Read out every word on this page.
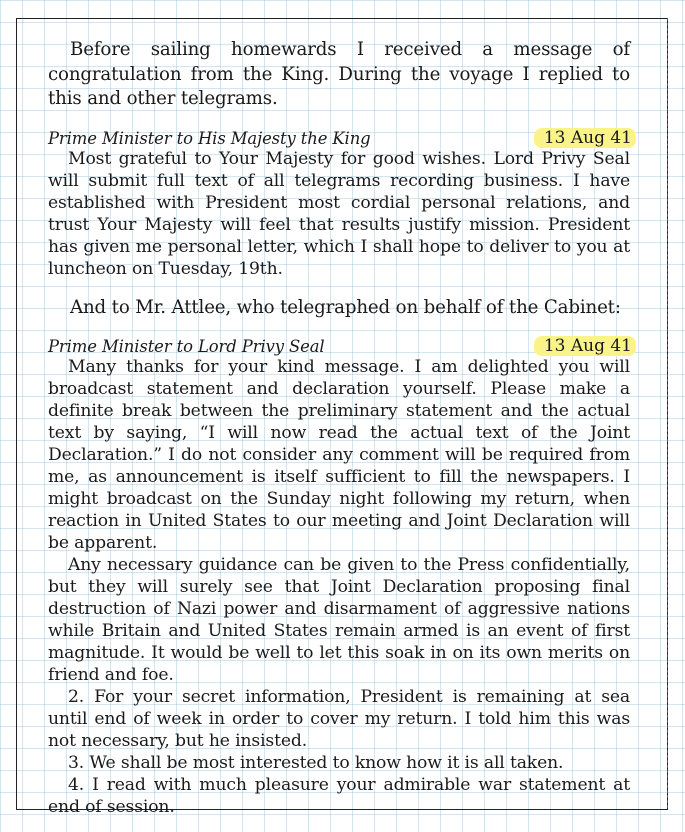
Before sailing homewards I received a message of congratulation from the King. During the voyage I replied to this and other telegrams.

Prime Minister to His Majesty the King	13 Aug 41

Most grateful to Your Majesty for good wishes. Lord Privy Seal will submit full text of all telegrams recording business. I have established with President most cordial personal relations, and trust Your Majesty will feel that results justify mission. President has given me personal letter, which I shall hope to deliver to you at luncheon on Tuesday, 19th.

And to Mr. Attlee, who telegraphed on behalf of the Cabinet:

Prime Minister to Lord Privy Seal	13 Aug 41

Many thanks for your kind message. I am delighted you will broadcast statement and declaration yourself. Please make a definite break between the preliminary statement and the actual text by saying, “I will now read the actual text of the Joint Declaration.” I do not consider any comment will be required from me, as announcement is itself sufficient to fill the newspapers. I might broadcast on the Sunday night following my return, when reaction in United States to our meeting and Joint Declaration will be apparent.

Any necessary guidance can be given to the Press confidentially, but they will surely see that Joint Declaration proposing final destruction of Nazi power and disarmament of aggressive nations while Britain and United States remain armed is an event of first magnitude. It would be well to let this soak in on its own merits on friend and foe.

2. For your secret information, President is remaining at sea until end of week in order to cover my return. I told him this was not necessary, but he insisted.

3. We shall be most interested to know how it is all taken.

4. I read with much pleasure your admirable war statement at end of session.
